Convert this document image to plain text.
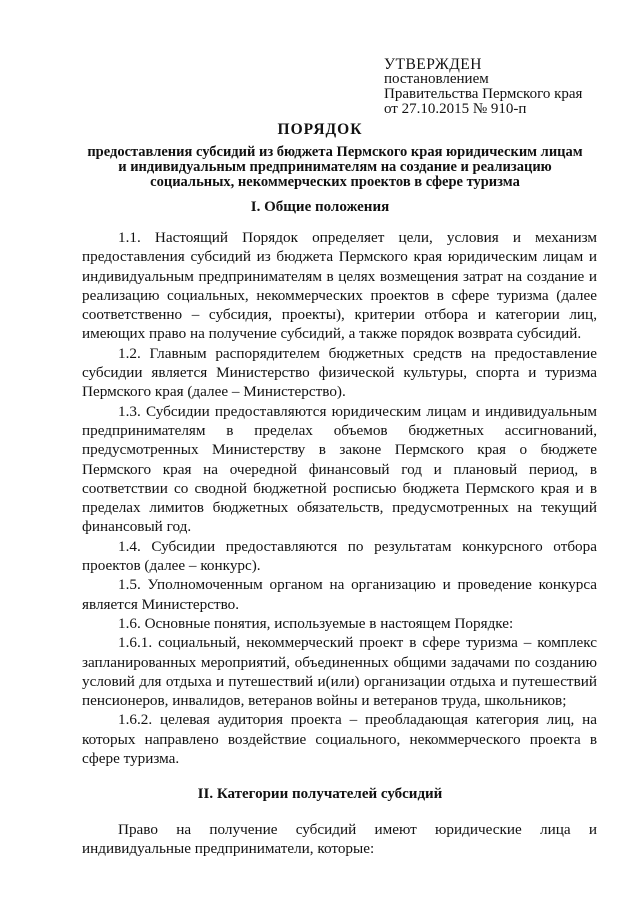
УТВЕРЖДЕН
постановлением
Правительства Пермского края
от 27.10.2015 № 910-п
ПОРЯДОК
предоставления субсидий из бюджета Пермского края юридическим лицам
и индивидуальным предпринимателям на создание и реализацию
социальных, некоммерческих проектов в сфере туризма
I. Общие положения

1.1. Настоящий Порядок определяет цели, условия и механизм предоставления субсидий из бюджета Пермского края юридическим лицам и индивидуальным предпринимателям в целях возмещения затрат на создание и реализацию социальных, некоммерческих проектов в сфере туризма (далее соответственно – субсидия, проекты), критерии отбора и категории лиц, имеющих право на получение субсидий, а также порядок возврата субсидий.

1.2. Главным распорядителем бюджетных средств на предоставление субсидии является Министерство физической культуры, спорта и туризма Пермского края (далее – Министерство).

1.3. Субсидии предоставляются юридическим лицам и индивидуальным предпринимателям в пределах объемов бюджетных ассигнований, предусмотренных Министерству в законе Пермского края о бюджете Пермского края на очередной финансовый год и плановый период, в соответствии со сводной бюджетной росписью бюджета Пермского края и в пределах лимитов бюджетных обязательств, предусмотренных на текущий финансовый год.

1.4. Субсидии предоставляются по результатам конкурсного отбора проектов (далее – конкурс).

1.5. Уполномоченным органом на организацию и проведение конкурса является Министерство.

1.6. Основные понятия, используемые в настоящем Порядке:

1.6.1. социальный, некоммерческий проект в сфере туризма – комплекс запланированных мероприятий, объединенных общими задачами по созданию условий для отдыха и путешествий и(или) организации отдыха и путешествий пенсионеров, инвалидов, ветеранов войны и ветеранов труда, школьников;

1.6.2. целевая аудитория проекта – преобладающая категория лиц, на которых направлено воздействие социального, некоммерческого проекта в сфере туризма.

II. Категории получателей субсидий

Право на получение субсидий имеют юридические лица и индивидуальные предприниматели, которые:
